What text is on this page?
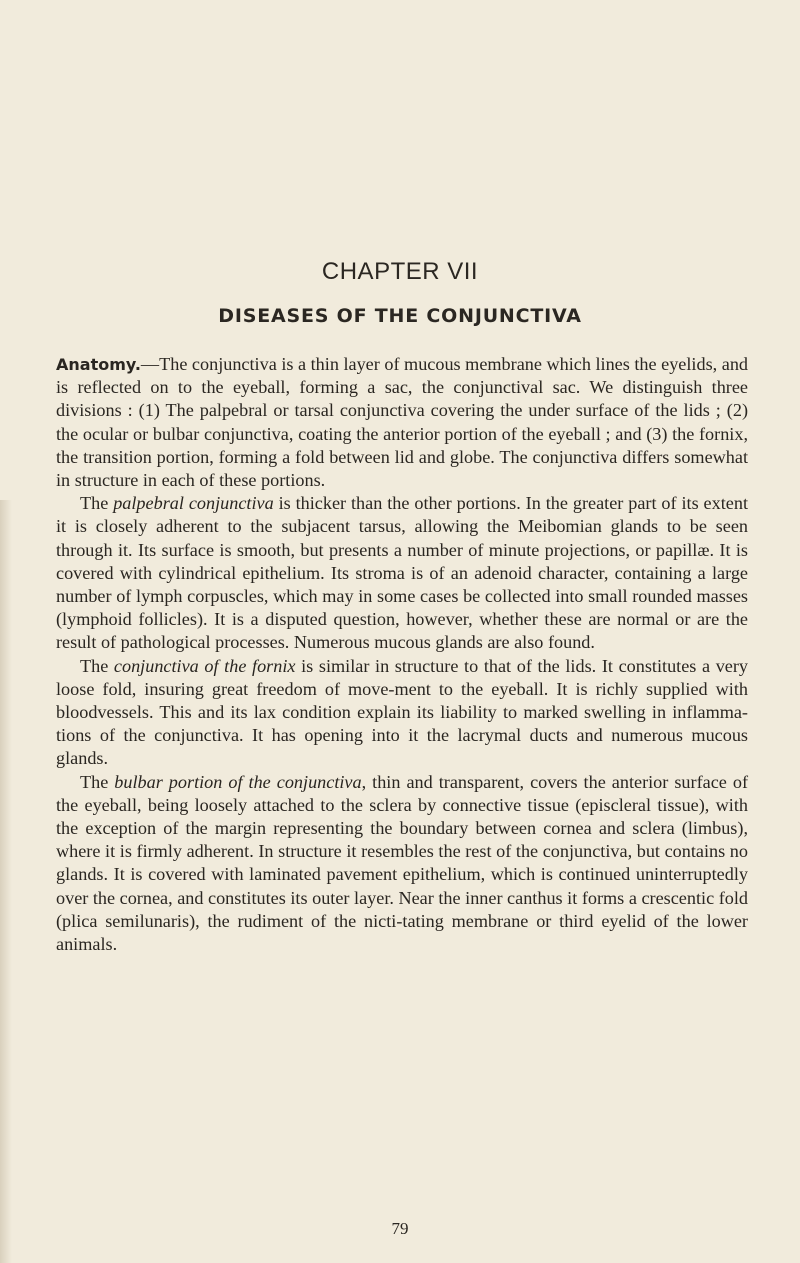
CHAPTER VII
DISEASES OF THE CONJUNCTIVA

Anatomy.—The conjunctiva is a thin layer of mucous membrane which lines the eyelids, and is reflected on to the eyeball, forming a sac, the conjunctival sac. We distinguish three divisions : (1) The palpebral or tarsal conjunctiva covering the under surface of the lids ; (2) the ocular or bulbar conjunctiva, coating the anterior portion of the eyeball ; and (3) the fornix, the transition portion, forming a fold between lid and globe. The conjunctiva differs somewhat in structure in each of these portions.

The palpebral conjunctiva is thicker than the other portions. In the greater part of its extent it is closely adherent to the subjacent tarsus, allowing the Meibomian glands to be seen through it. Its surface is smooth, but presents a number of minute projections, or papillæ. It is covered with cylindrical epithelium. Its stroma is of an adenoid character, containing a large number of lymph corpuscles, which may in some cases be collected into small rounded masses (lymphoid follicles). It is a disputed question, however, whether these are normal or are the result of pathological processes. Numerous mucous glands are also found.

The conjunctiva of the fornix is similar in structure to that of the lids. It constitutes a very loose fold, insuring great freedom of move-ment to the eyeball. It is richly supplied with bloodvessels. This and its lax condition explain its liability to marked swelling in inflamma-tions of the conjunctiva. It has opening into it the lacrymal ducts and numerous mucous glands.

The bulbar portion of the conjunctiva, thin and transparent, covers the anterior surface of the eyeball, being loosely attached to the sclera by connective tissue (episcleral tissue), with the exception of the margin representing the boundary between cornea and sclera (limbus), where it is firmly adherent. In structure it resembles the rest of the conjunctiva, but contains no glands. It is covered with laminated pavement epithelium, which is continued uninterruptedly over the cornea, and constitutes its outer layer. Near the inner canthus it forms a crescentic fold (plica semilunaris), the rudiment of the nicti-tating membrane or third eyelid of the lower animals.

79
